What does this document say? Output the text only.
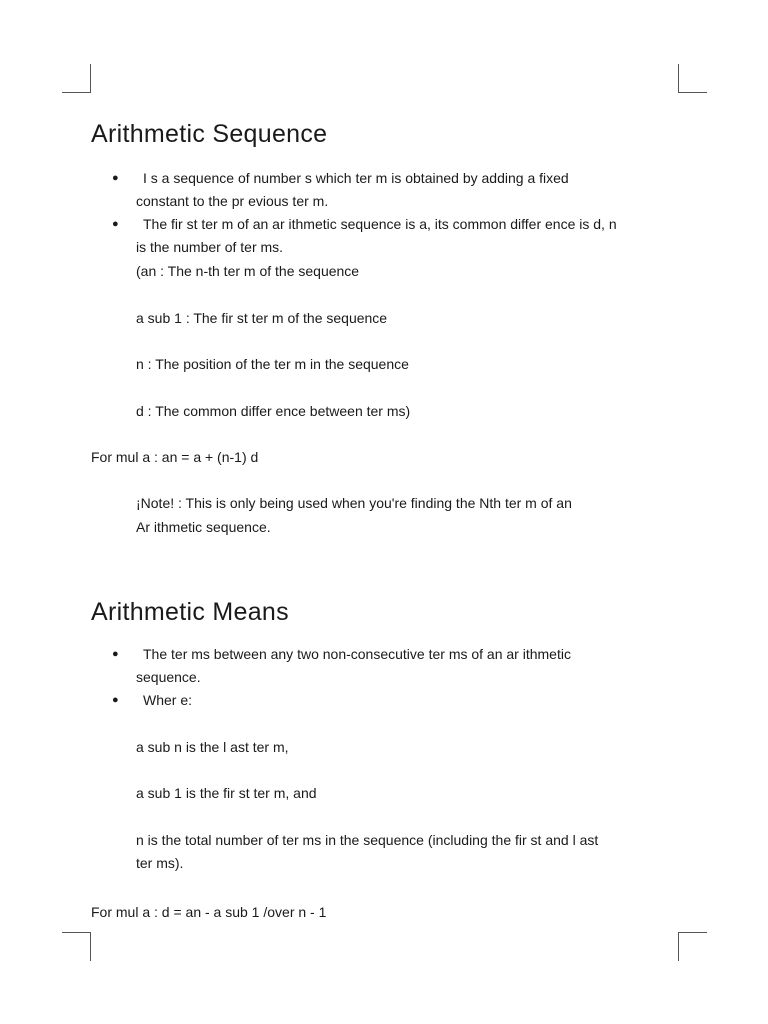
Arithmetic Sequence
● I s a sequence of number s which ter m is obtained by adding a fixed
constant to the pr evious ter m.
● The fir st ter m of an ar ithmetic sequence is a, its common differ ence is d, n
is the number of ter ms.
(an : The n-th ter m of the sequence
a sub 1 : The fir st ter m of the sequence
n : The position of the ter m in the sequence
d : The common differ ence between ter ms)
For mul a : an = a + (n-1) d
¡Note! : This is only being used when you're finding the Nth ter m of an
Ar ithmetic sequence.
Arithmetic Means
● The ter ms between any two non-consecutive ter ms of an ar ithmetic
sequence.
● Wher e:
a sub n is the l ast ter m,
a sub 1 is the fir st ter m, and
n is the total number of ter ms in the sequence (including the fir st and l ast
ter ms).
For mul a : d = an - a sub 1 /over n - 1
